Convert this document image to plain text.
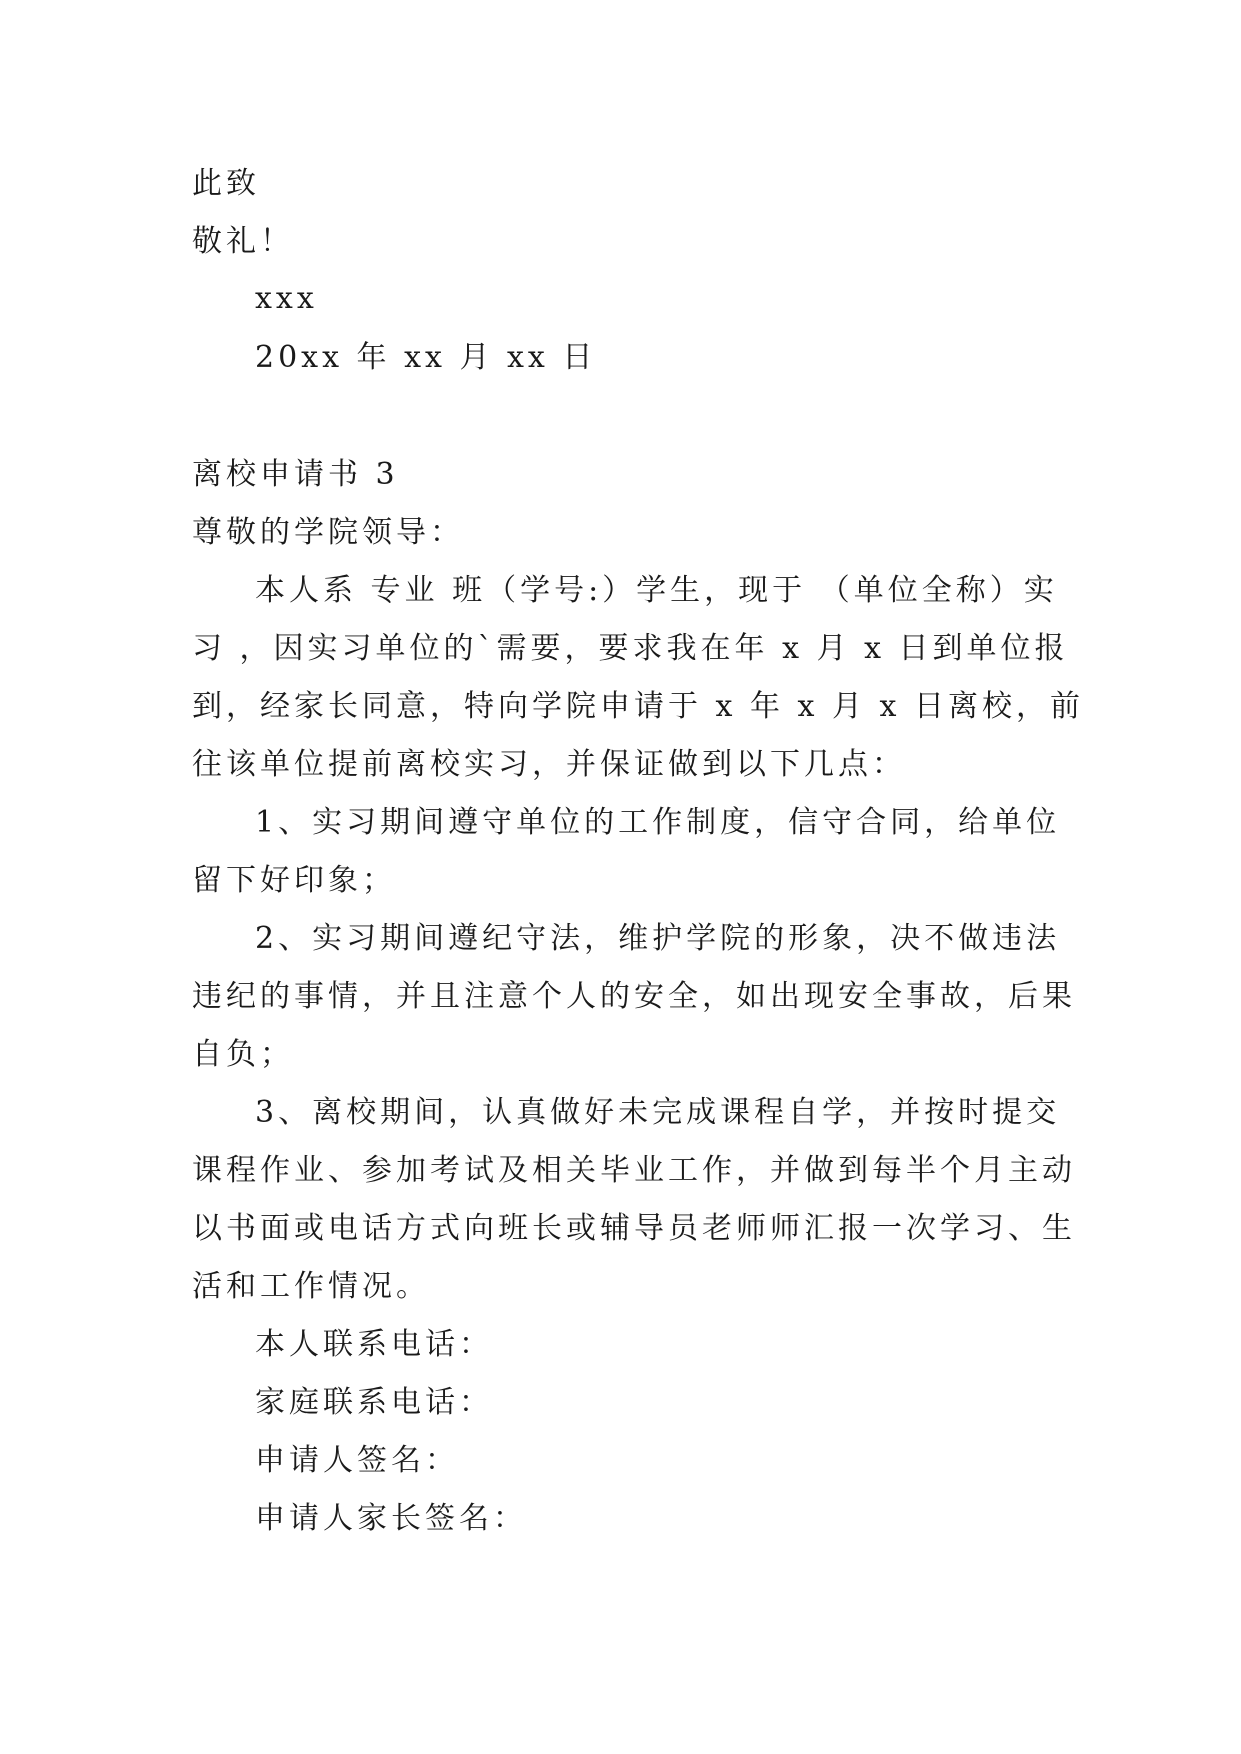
此致
敬礼！
xxx
20xx 年 xx 月 xx 日
离校申请书 3
尊敬的学院领导：
本人系 专业 班（学号:）学生，现于 （单位全称）实
习 ，因实习单位的`需要，要求我在年 x 月 x 日到单位报
到，经家长同意，特向学院申请于 x 年 x 月 x 日离校，前
往该单位提前离校实习，并保证做到以下几点：
1、实习期间遵守单位的工作制度，信守合同，给单位
留下好印象；
2、实习期间遵纪守法，维护学院的形象，决不做违法
违纪的事情，并且注意个人的安全，如出现安全事故，后果
自负；
3、离校期间，认真做好未完成课程自学，并按时提交
课程作业、参加考试及相关毕业工作，并做到每半个月主动
以书面或电话方式向班长或辅导员老师师汇报一次学习、生
活和工作情况。
本人联系电话：
家庭联系电话：
申请人签名：
申请人家长签名：
